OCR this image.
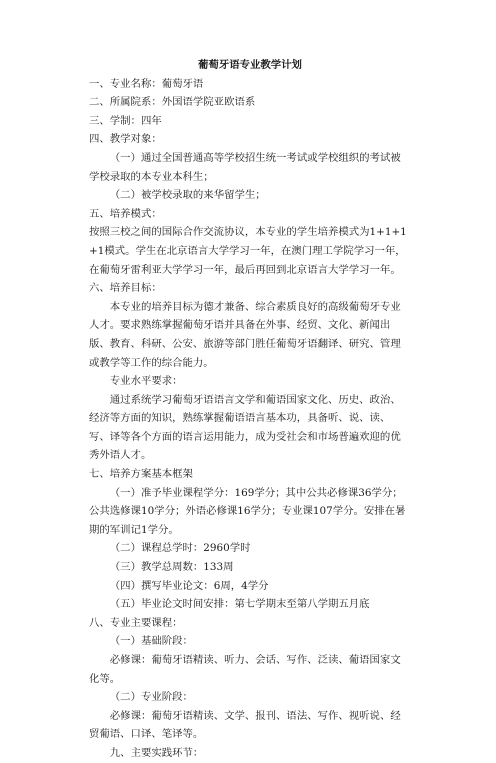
葡萄牙语专业教学计划

一、专业名称：葡萄牙语

二、所属院系：外国语学院亚欧语系

三、学制：四年

四、教学对象：

（一）通过全国普通高等学校招生统一考试或学校组织的考试被学校录取的本专业本科生；

（二）被学校录取的来华留学生；

五、培养模式：

按照三校之间的国际合作交流协议，本专业的学生培养模式为1+1+1+1模式。学生在北京语言大学学习一年，在澳门理工学院学习一年，在葡萄牙雷利亚大学学习一年，最后再回到北京语言大学学习一年。

六、培养目标：

本专业的培养目标为德才兼备、综合素质良好的高级葡萄牙专业人才。要求熟练掌握葡萄牙语并具备在外事、经贸、文化、新闻出版、教育、科研、公安、旅游等部门胜任葡萄牙语翻译、研究、管理或教学等工作的综合能力。

专业水平要求：

通过系统学习葡萄牙语语言文学和葡语国家文化、历史、政治、经济等方面的知识，熟练掌握葡语语言基本功，具备听、说、读、写、译等各个方面的语言运用能力，成为受社会和市场普遍欢迎的优秀外语人才。

七、培养方案基本框架

（一）准予毕业课程学分：169学分；其中公共必修课36学分；公共选修课10学分；外语必修课16学分；专业课107学分。安排在暑期的军训记1学分。

（二）课程总学时：2960学时

（三）教学总周数：133周

（四）撰写毕业论文：6周，4学分

（五）毕业论文时间安排：第七学期末至第八学期五月底

八、专业主要课程：

（一）基础阶段：

必修课：葡萄牙语精读、听力、会话、写作、泛读、葡语国家文化等。

（二）专业阶段：

必修课：葡萄牙语精读、文学、报刊、语法、写作、视听说、经贸葡语、口译、笔译等。

九、主要实践环节：
